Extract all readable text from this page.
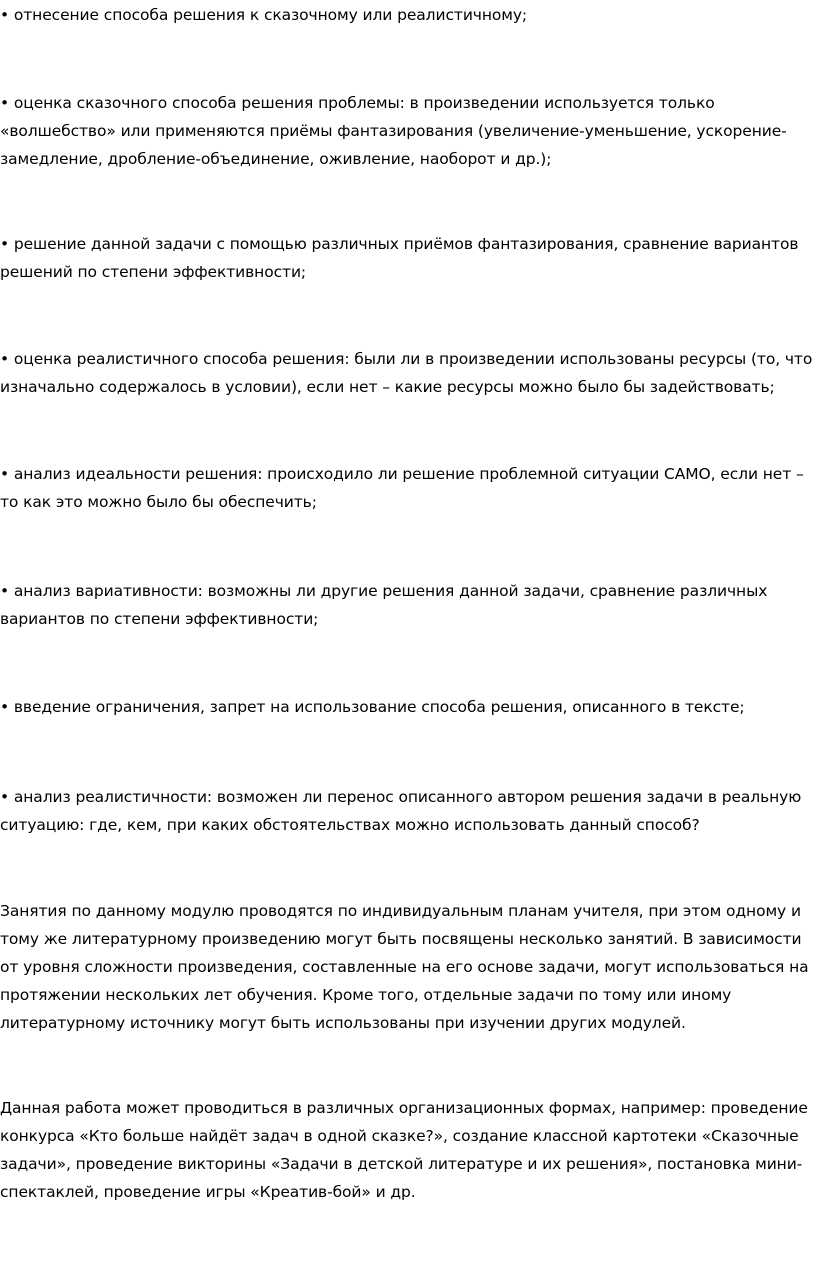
• отнесение способа решения к сказочному или реалистичному;

• оценка сказочного способа решения проблемы: в произведении используется только
«волшебство» или применяются приёмы фантазирования (увеличение-уменьшение, ускорение-
замедление, дробление-объединение, оживление, наоборот и др.);

• решение данной задачи с помощью различных приёмов фантазирования, сравнение вариантов
решений по степени эффективности;

• оценка реалистичного способа решения: были ли в произведении использованы ресурсы (то, что
изначально содержалось в условии), если нет – какие ресурсы можно было бы задействовать;

• анализ идеальности решения: происходило ли решение проблемной ситуации САМО, если нет –
то как это можно было бы обеспечить;

• анализ вариативности: возможны ли другие решения данной задачи, сравнение различных
вариантов по степени эффективности;

• введение ограничения, запрет на использование способа решения, описанного в тексте;

• анализ реалистичности: возможен ли перенос описанного автором решения задачи в реальную
ситуацию: где, кем, при каких обстоятельствах можно использовать данный способ?

Занятия по данному модулю проводятся по индивидуальным планам учителя, при этом одному и
тому же литературному произведению могут быть посвящены несколько занятий. В зависимости
от уровня сложности произведения, составленные на его основе задачи, могут использоваться на
протяжении нескольких лет обучения. Кроме того, отдельные задачи по тому или иному
литературному источнику могут быть использованы при изучении других модулей.

Данная работа может проводиться в различных организационных формах, например: проведение
конкурса «Кто больше найдёт задач в одной сказке?», создание классной картотеки «Сказочные
задачи», проведение викторины «Задачи в детской литературе и их решения», постановка мини-
спектаклей, проведение игры «Креатив-бой» и др.
